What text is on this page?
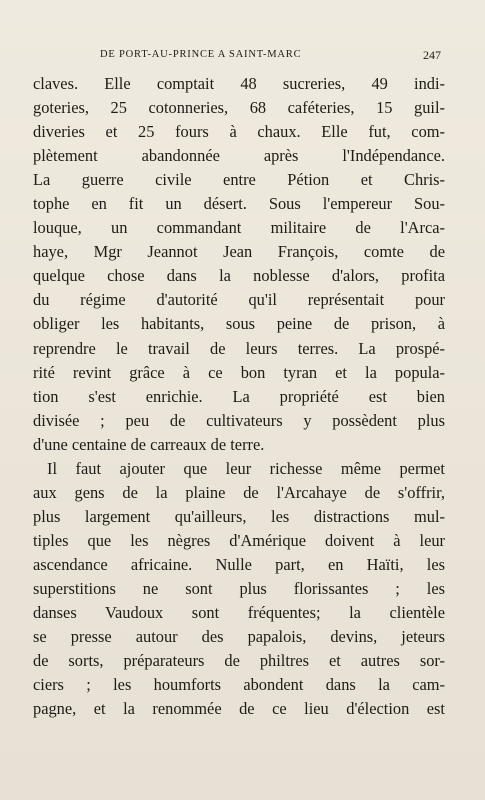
DE PORT-AU-PRINCE A SAINT-MARC	247
claves. Elle comptait 48 sucreries, 49 indi-
goteries, 25 cotonneries, 68 caféteries, 15 guil-
diveries et 25 fours à chaux. Elle fut, com-
plètement abandonnée après l'Indépendance.
La guerre civile entre Pétion et Chris-
tophe en fit un désert. Sous l'empereur Sou-
louque, un commandant militaire de l'Arca-
haye, Mgr Jeannot Jean François, comte de
quelque chose dans la noblesse d'alors, profita
du régime d'autorité qu'il représentait pour
obliger les habitants, sous peine de prison, à
reprendre le travail de leurs terres. La prospé-
rité revint grâce à ce bon tyran et la popula-
tion s'est enrichie. La propriété est bien
divisée ; peu de cultivateurs y possèdent plus
d'une centaine de carreaux de terre.
Il faut ajouter que leur richesse même permet
aux gens de la plaine de l'Arcahaye de s'offrir,
plus largement qu'ailleurs, les distractions mul-
tiples que les nègres d'Amérique doivent à leur
ascendance africaine. Nulle part, en Haïti, les
superstitions ne sont plus florissantes ; les
danses Vaudoux sont fréquentes; la clientèle
se presse autour des papalois, devins, jeteurs
de sorts, préparateurs de philtres et autres sor-
ciers ; les houmforts abondent dans la cam-
pagne, et la renommée de ce lieu d'élection est
